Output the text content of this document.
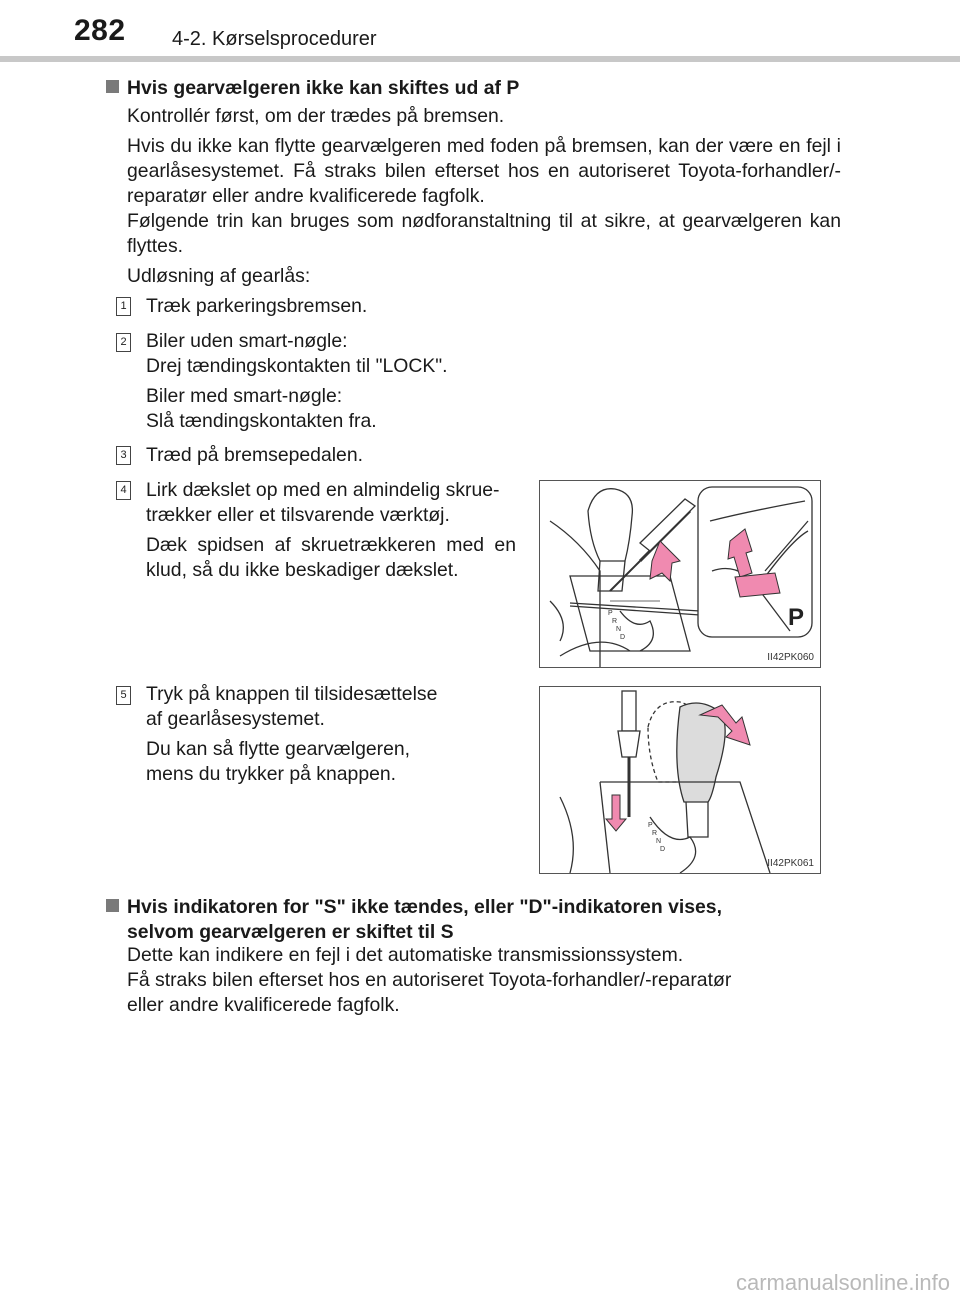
282 4-2. Kørselsprocedurer
Hvis gearvælgeren ikke kan skiftes ud af P

Kontrollér først, om der trædes på bremsen.

Hvis du ikke kan flytte gearvælgeren med foden på bremsen, kan der være en fejl i gearlåsesystemet. Få straks bilen efterset hos en autoriseret Toyota-forhandler/-reparatør eller andre kvalificerede fagfolk.

Følgende trin kan bruges som nødforanstaltning til at sikre, at gearvælgeren kan flyttes.

Udløsning af gearlås:

1 Træk parkeringsbremsen.

2 Biler uden smart-nøgle:

Drej tændingskontakten til "LOCK".

Biler med smart-nøgle:

Slå tændingskontakten fra.

3 Træd på bremsepedalen.

4 Lirk dækslet op med en almindelig skrue-

trækker eller et tilsvarende værktøj.

Dæk spidsen af skruetrækkeren med en klud, så du ikke beskadiger dækslet.

P
P
R
N
D
II42PK060
5 Tryk på knappen til tilsidesættelse

af gearlåsesystemet.

Du kan så flytte gearvælgeren,

mens du trykker på knappen.

P
R
N
D
II42PK061
Hvis indikatoren for "S" ikke tændes, eller "D"-indikatoren vises,
selvom gearvælgeren er skiftet til S

Dette kan indikere en fejl i det automatiske transmissionssystem.

Få straks bilen efterset hos en autoriseret Toyota-forhandler/-reparatør

eller andre kvalificerede fagfolk.

carmanualsonline.info
